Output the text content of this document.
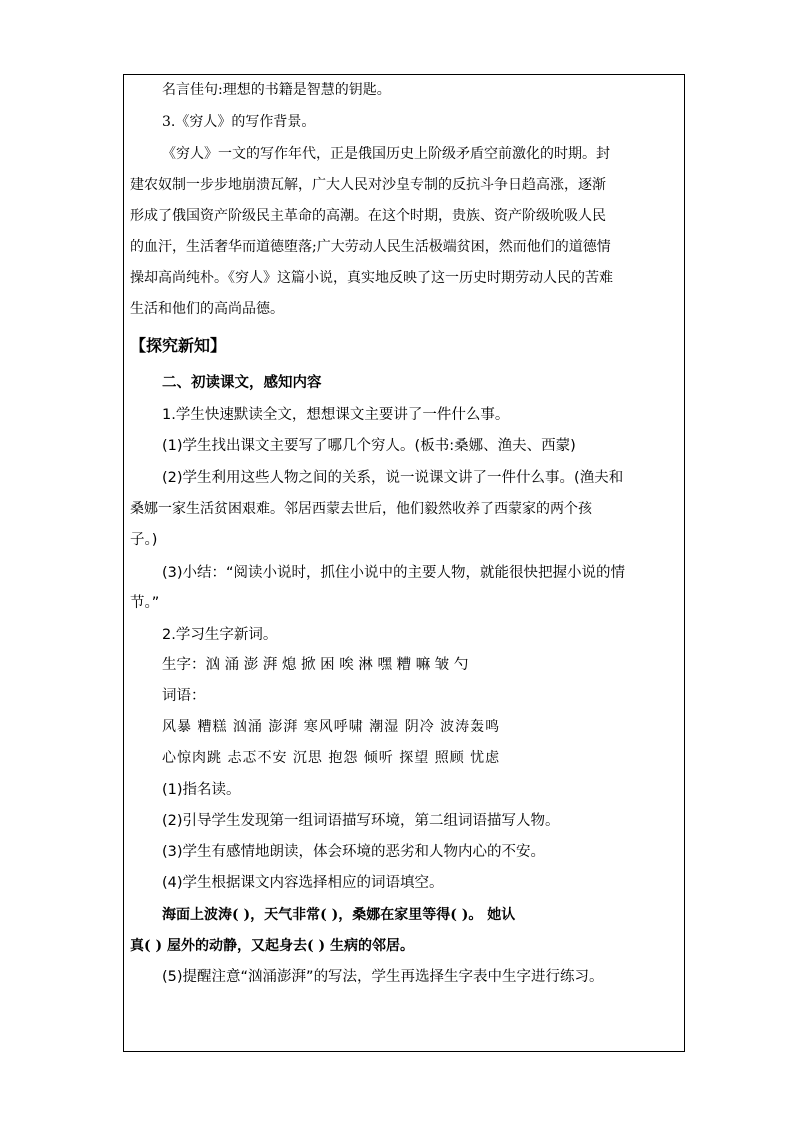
名言佳句:理想的书籍是智慧的钥匙。
3.《穷人》的写作背景。
《穷人》一文的写作年代，正是俄国历史上阶级矛盾空前激化的时期。封
建农奴制一步步地崩溃瓦解，广大人民对沙皇专制的反抗斗争日趋高涨，逐渐
形成了俄国资产阶级民主革命的高潮。在这个时期，贵族、资产阶级吮吸人民
的血汗，生活奢华而道德堕落;广大劳动人民生活极端贫困，然而他们的道德情
操却高尚纯朴。《穷人》这篇小说，真实地反映了这一历史时期劳动人民的苦难
生活和他们的高尚品德。
【探究新知】
二、初读课文，感知内容
1.学生快速默读全文，想想课文主要讲了一件什么事。
(1)学生找出课文主要写了哪几个穷人。(板书:桑娜、渔夫、西蒙)
(2)学生利用这些人物之间的关系，说一说课文讲了一件什么事。(渔夫和
桑娜一家生活贫困艰难。邻居西蒙去世后，他们毅然收养了西蒙家的两个孩
子。)
(3)小结：“阅读小说时，抓住小说中的主要人物，就能很快把握小说的情
节。”
2.学习生字新词。
生字：汹 涌 澎 湃 熄 掀 困 唉 淋 嘿 糟 嘛 皱 勺
词语：
风暴 糟糕 汹涌 澎湃 寒风呼啸 潮湿 阴冷 波涛轰鸣
心惊肉跳 忐忑不安 沉思 抱怨 倾听 探望 照顾 忧虑
(1)指名读。
(2)引导学生发现第一组词语描写环境，第二组词语描写人物。
(3)学生有感情地朗读，体会环境的恶劣和人物内心的不安。
(4)学生根据课文内容选择相应的词语填空。
海面上波涛( )，天气非常( )，桑娜在家里等得( )。 她认
真( ) 屋外的动静，又起身去( ) 生病的邻居。
(5)提醒注意“汹涌澎湃”的写法，学生再选择生字表中生字进行练习。
